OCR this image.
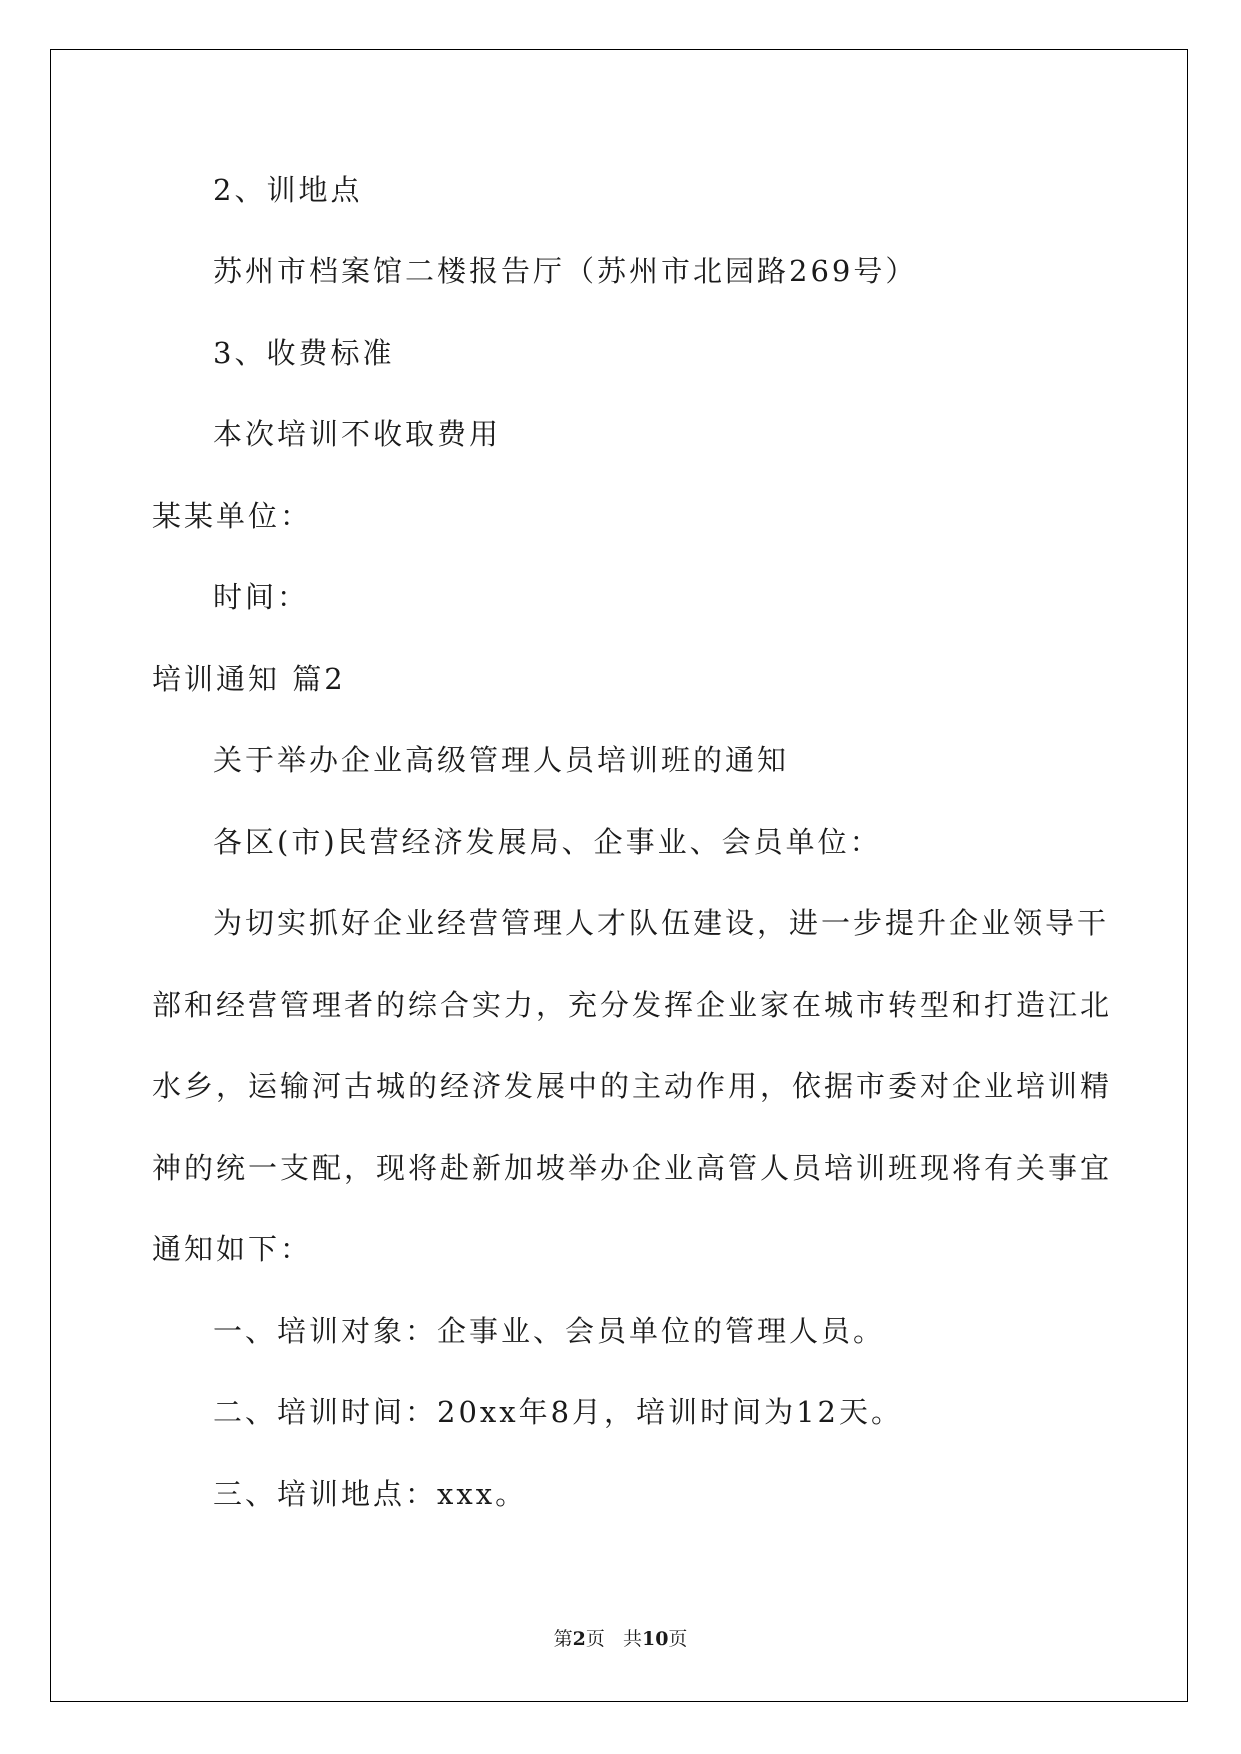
2、训地点
苏州市档案馆二楼报告厅（苏州市北园路269号）
3、收费标准
本次培训不收取费用
某某单位：
时间：
培训通知 篇2
关于举办企业高级管理人员培训班的通知
各区(市)民营经济发展局、企事业、会员单位：
为切实抓好企业经营管理人才队伍建设，进一步提升企业领导干
部和经营管理者的综合实力，充分发挥企业家在城市转型和打造江北
水乡，运输河古城的经济发展中的主动作用，依据市委对企业培训精
神的统一支配，现将赴新加坡举办企业高管人员培训班现将有关事宜
通知如下：
一、培训对象：企事业、会员单位的管理人员。
二、培训时间：20xx年8月，培训时间为12天。
三、培训地点：xxx。
第2页 共10页
